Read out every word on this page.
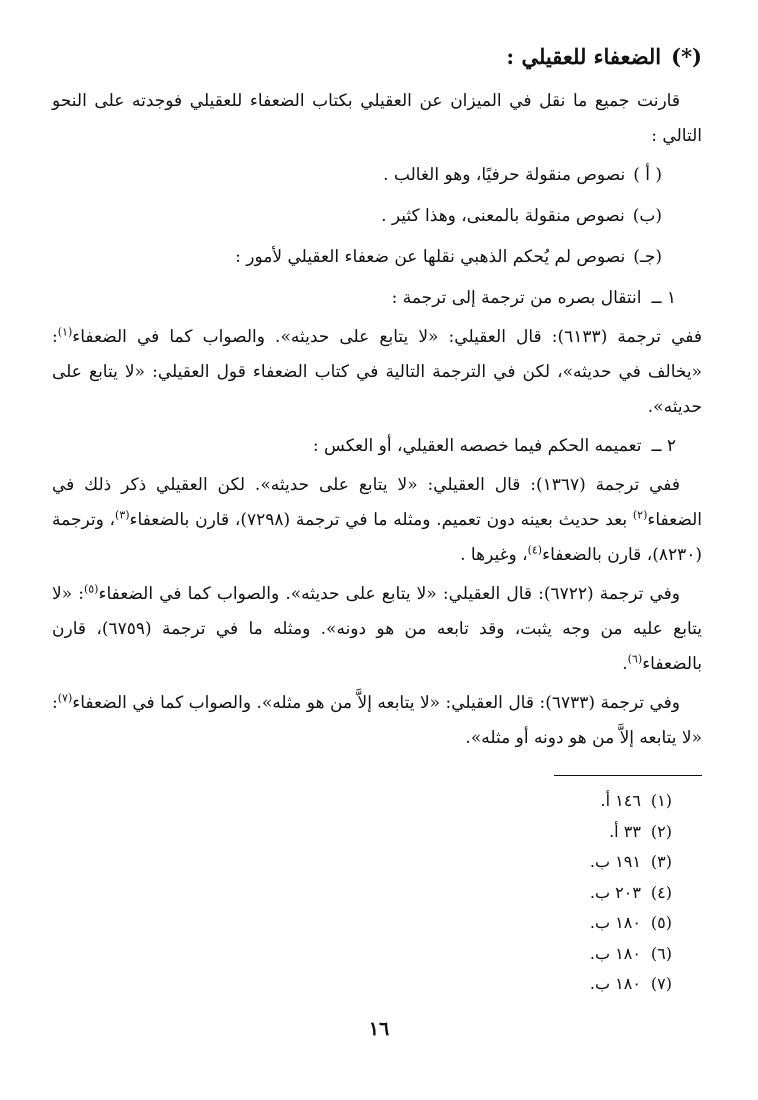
(*)الضعفاء للعقيلي :

قارنت جميع ما نقل في الميزان عن العقيلي بكتاب الضعفاء للعقيلي فوجدته على النحو التالي :

( أ )نصوص منقولة حرفيًا، وهو الغالب .
(ب)نصوص منقولة بالمعنى، وهذا كثير .
(جـ)نصوص لم يُحكم الذهبي نقلها عن ضعفاء العقيلي لأمور :
١ ــانتقال بصره من ترجمة إلى ترجمة :

ففي ترجمة (٦١٣٣): قال العقيلي: «لا يتابع على حديثه». والصواب كما في الضعفاء$^{(١)}$: «يخالف في حديثه»، لكن في الترجمة التالية في كتاب الضعفاء قول العقيلي: «لا يتابع على حديثه».

٢ ــتعميمه الحكم فيما خصصه العقيلي، أو العكس :

ففي ترجمة (١٣٦٧): قال العقيلي: «لا يتابع على حديثه». لكن العقيلي ذكر ذلك في الضعفاء$^{(٢)}$ بعد حديث بعينه دون تعميم. ومثله ما في ترجمة (٧٢٩٨)، قارن بالضعفاء$^{(٣)}$، وترجمة (٨٢٣٠)، قارن بالضعفاء$^{(٤)}$، وغيرها .

وفي ترجمة (٦٧٢٢): قال العقيلي: «لا يتابع على حديثه». والصواب كما في الضعفاء$^{(٥)}$: «لا يتابع عليه من وجه يثبت، وقد تابعه من هو دونه». ومثله ما في ترجمة (٦٧٥٩)، قارن بالضعفاء$^{(٦)}$.

وفي ترجمة (٦٧٣٣): قال العقيلي: «لا يتابعه إلاَّ من هو مثله». والصواب كما في الضعفاء$^{(٧)}$: «لا يتابعه إلاَّ من هو دونه أو مثله».

(١)١٤٦ أ.
(٢)٣٣ أ.
(٣)١٩١ ب.
(٤)٢٠٣ ب.
(٥)١٨٠ ب.
(٦)١٨٠ ب.
(٧)١٨٠ ب.
١٦
